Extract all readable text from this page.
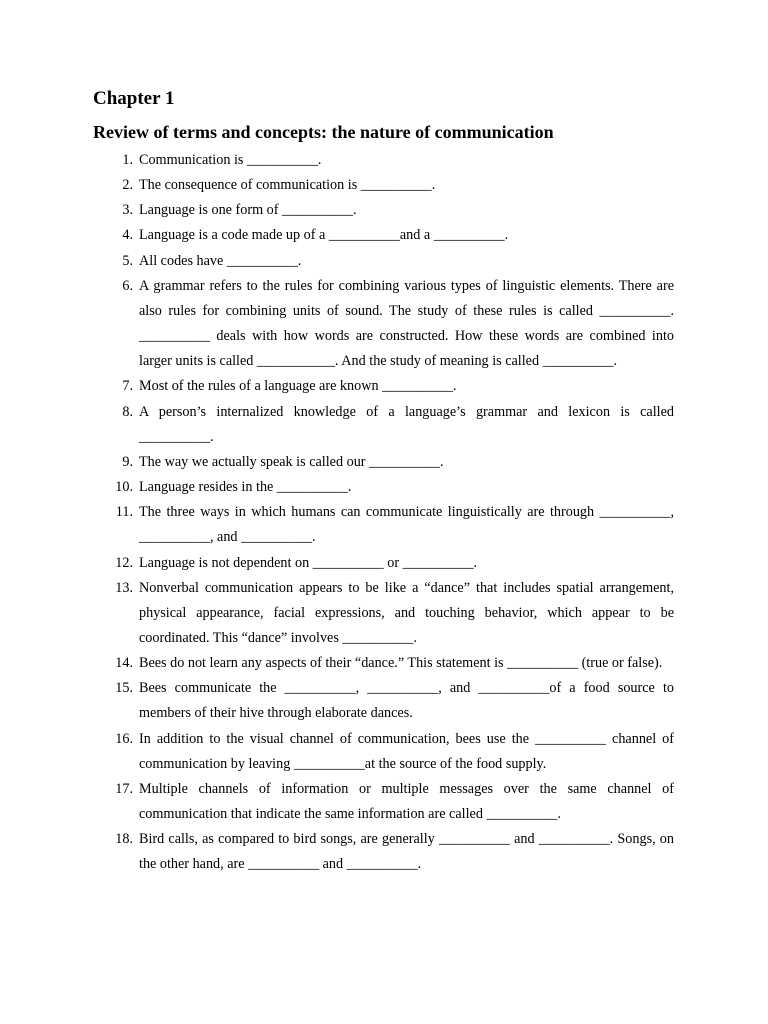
Chapter 1
Review of terms and concepts: the nature of communication
1. Communication is __________.
2. The consequence of communication is __________.
3. Language is one form of __________.
4. Language is a code made up of a __________and a __________.
5. All codes have __________.
6. A grammar refers to the rules for combining various types of linguistic elements. There are also rules for combining units of sound. The study of these rules is called __________. __________ deals with how words are constructed. How these words are combined into larger units is called ___________. And the study of meaning is called __________.
7. Most of the rules of a language are known __________.
8. A person’s internalized knowledge of a language’s grammar and lexicon is called __________.
9. The way we actually speak is called our __________.
10. Language resides in the __________.
11. The three ways in which humans can communicate linguistically are through __________, __________, and __________.
12. Language is not dependent on __________ or __________.
13. Nonverbal communication appears to be like a “dance” that includes spatial arrangement, physical appearance, facial expressions, and touching behavior, which appear to be coordinated. This “dance” involves __________.
14. Bees do not learn any aspects of their “dance.” This statement is __________ (true or false).
15. Bees communicate the __________, __________, and __________of a food source to members of their hive through elaborate dances.
16. In addition to the visual channel of communication, bees use the __________ channel of communication by leaving __________at the source of the food supply.
17. Multiple channels of information or multiple messages over the same channel of communication that indicate the same information are called __________.
18. Bird calls, as compared to bird songs, are generally __________ and __________. Songs, on the other hand, are __________ and __________.
